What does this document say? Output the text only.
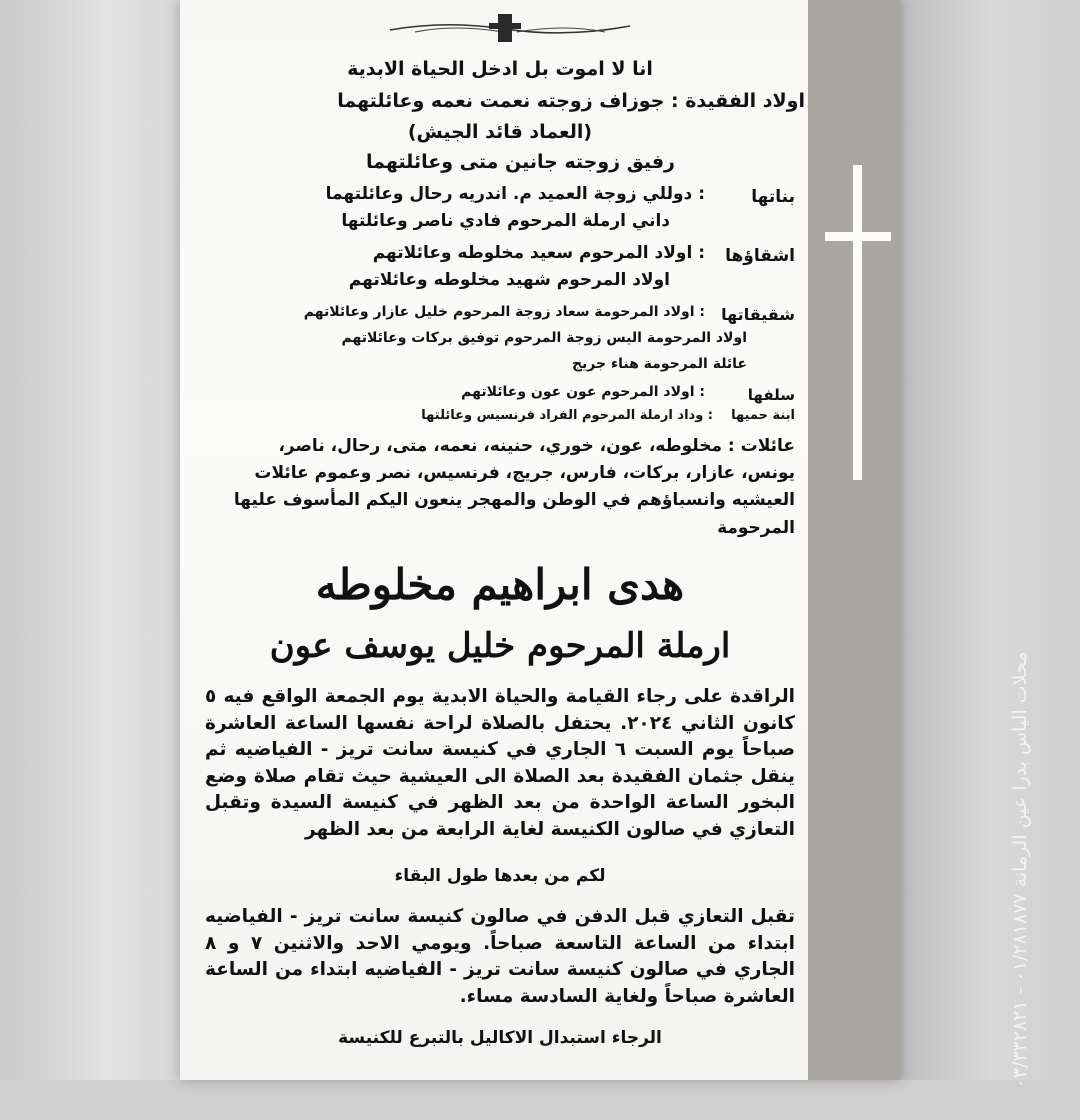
محلات الياس بدرا عين الرمانة ٠١/٢٨١٨٧٧ - ٠٣/٣٣٢٨٢١
انا لا اموت بل ادخل الحياة الابدية
اولاد الفقيدة : جوزاف زوجته نعمت نعمه وعائلتهما
(العماد قائد الجيش)
رفيق زوجته جانين متى وعائلتهما
بناتها
: دوللي زوجة العميد م. اندريه رحال وعائلتهما
داني ارملة المرحوم فادي ناصر وعائلتها
اشقاؤها
: اولاد المرحوم سعيد مخلوطه وعائلاتهم
اولاد المرحوم شهيد مخلوطه وعائلاتهم
شقيقاتها
: اولاد المرحومة سعاد زوجة المرحوم خليل عازار وعائلاتهم
اولاد المرحومة اليس زوجة المرحوم توفيق بركات وعائلاتهم
عائلة المرحومة هناء جريج
سلفها
: اولاد المرحوم عون عون وعائلاتهم
ابنة حميها
: وداد ارملة المرحوم الفراد فرنسيس وعائلتها
عائلات : مخلوطه، عون، خوري، حنينه، نعمه، متى، رحال، ناصر،
يونس، عازار، بركات، فارس، جريج، فرنسيس، نصر وعموم عائلات
العيشيه وانسباؤهم في الوطن والمهجر ينعون اليكم المأسوف عليها
المرحومة
هدى ابراهيم مخلوطه
ارملة المرحوم خليل يوسف عون
الراقدة على رجاء القيامة والحياة الابدية يوم الجمعة الواقع فيه ٥ كانون الثاني ٢٠٢٤. يحتفل بالصلاة لراحة نفسها الساعة العاشرة صباحاً يوم السبت ٦ الجاري في كنيسة سانت تريز - الفياضيه ثم ينقل جثمان الفقيدة بعد الصلاة الى العيشية حيث تقام صلاة وضع البخور الساعة الواحدة من بعد الظهر في كنيسة السيدة وتقبل التعازي في صالون الكنيسة لغاية الرابعة من بعد الظهر
لكم من بعدها طول البقاء
تقبل التعازي قبل الدفن في صالون كنيسة سانت تريز - الفياضيه ابتداء من الساعة التاسعة صباحاً. ويومي الاحد والاثنين ٧ و ٨ الجاري في صالون كنيسة سانت تريز - الفياضيه ابتداء من الساعة العاشرة صباحاً ولغاية السادسة مساء.
الرجاء استبدال الاكاليل بالتبرع للكنيسة
